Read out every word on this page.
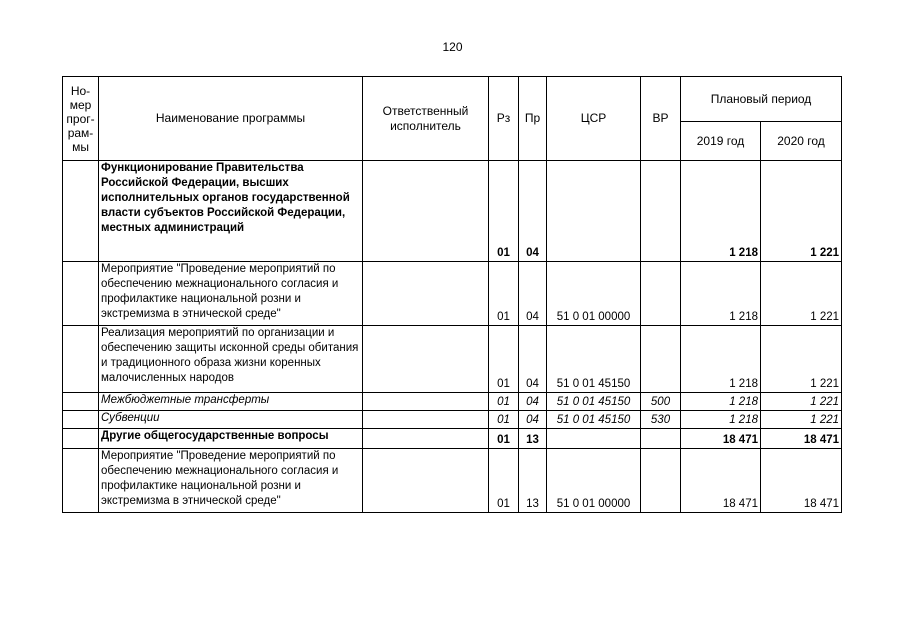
120
Но-мер прог-рам-мы	Наименование программы	Ответственный исполнитель	Рз	Пр	ЦСР	ВР	Плановый период	
							2019 год	2020 год
	Функционирование Правительства Российской Федерации, высших исполнительных органов государственной власти субъектов Российской Федерации, местных администраций		01	04			1 218	1 221
	Мероприятие "Проведение мероприятий по обеспечению межнационального согласия и профилактике национальной розни и экстремизма в этнической среде"		01	04	51 0 01 00000		1 218	1 221
	Реализация мероприятий по организации и обеспечению защиты исконной среды обитания и традиционного образа жизни коренных малочисленных народов		01	04	51 0 01 45150		1 218	1 221
	Межбюджетные трансферты		01	04	51 0 01 45150	500	1 218	1 221
	Субвенции		01	04	51 0 01 45150	530	1 218	1 221
	Другие общегосударственные вопросы		01	13			18 471	18 471
	Мероприятие "Проведение мероприятий по обеспечению межнационального согласия и профилактике национальной розни и экстремизма в этнической среде"		01	13	51 0 01 00000		18 471	18 471
